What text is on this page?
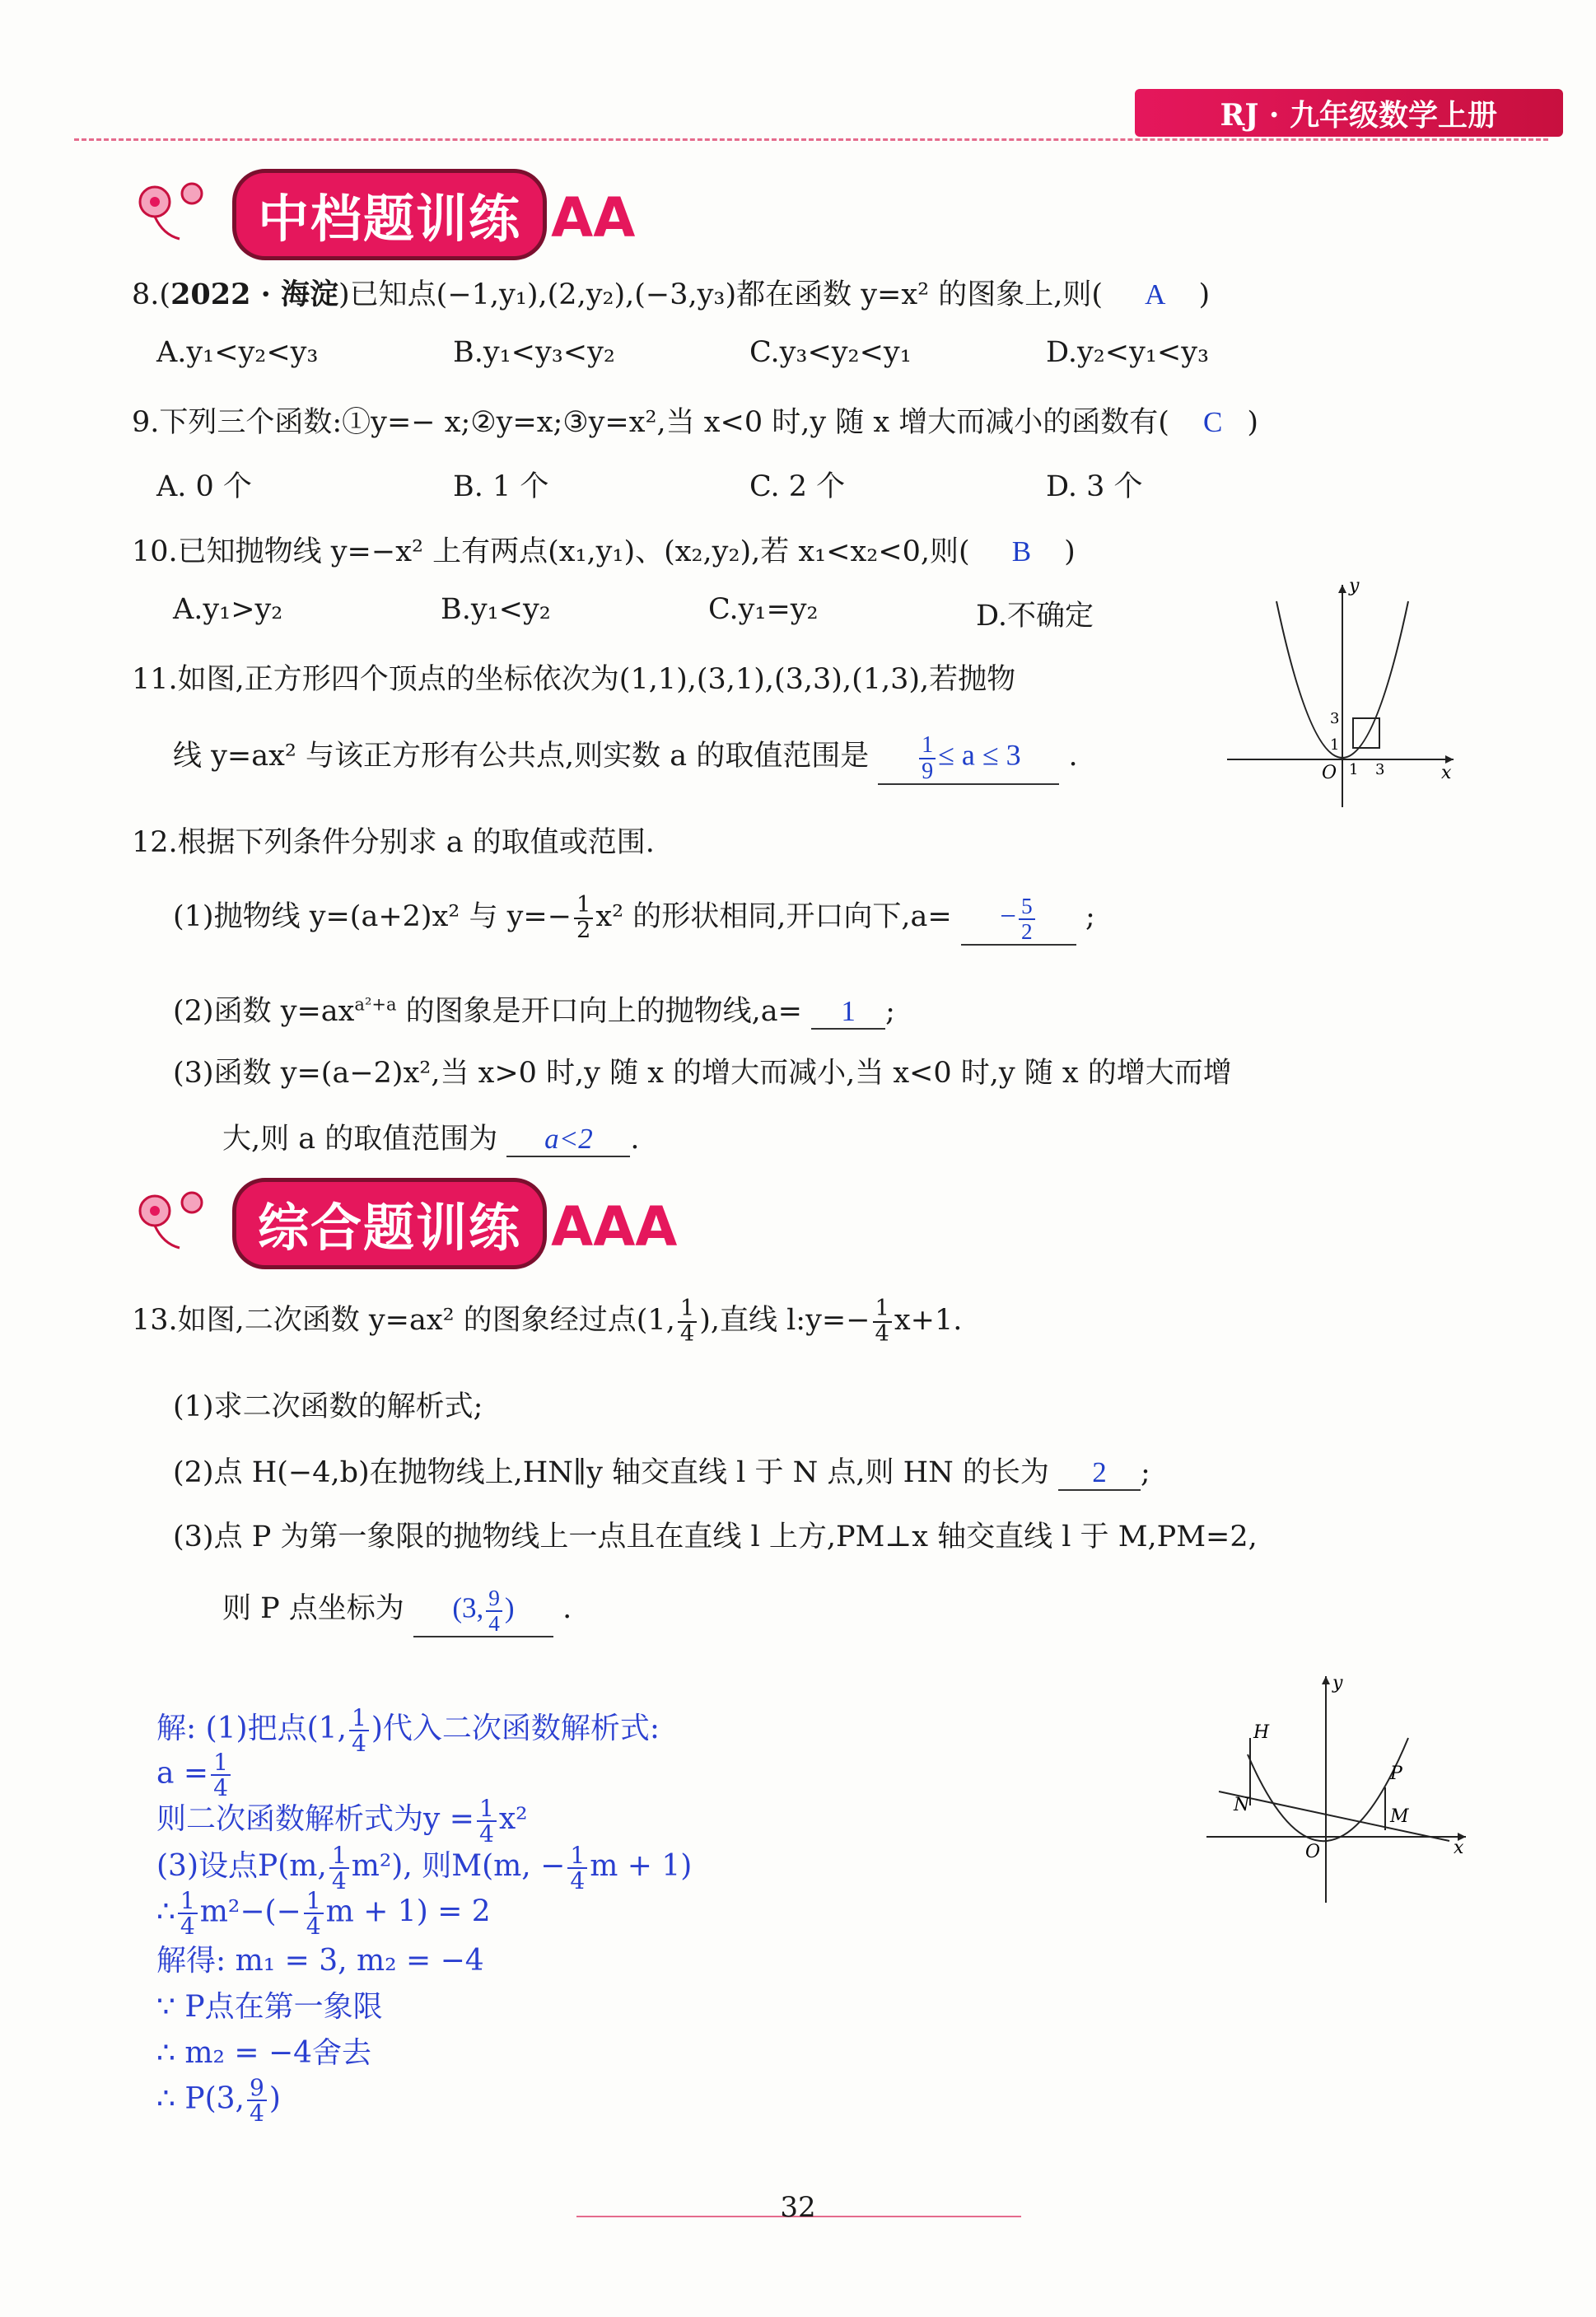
RJ · 九年级数学上册
中档题训练 AA
8.(2022 · 海淀)已知点(−1,y₁),(2,y₂),(−3,y₃)都在函数 y=x² 的图象上,则( A )
A.y₁<y₂<y₃	B.y₁<y₃<y₂	C.y₃<y₂<y₁	D.y₂<y₁<y₃
9.下列三个函数:①y=− x;②y=x;③y=x²,当 x<0 时,y 随 x 增大而减小的函数有( C )
A. 0 个	B. 1 个	C. 2 个	D. 3 个
10.已知抛物线 y=−x² 上有两点(x₁,y₁)、(x₂,y₂),若 x₁<x₂<0,则( B )
A.y₁>y₂	B.y₁<y₂	C.y₁=y₂	D.不确定
11.如图,正方形四个顶点的坐标依次为(1,1),(3,1),(3,3),(1,3),若抛物
线 y=ax² 与该正方形有公共点,则实数 a 的取值范围是 $\frac{1}{9} \le a \le 3$ .
y
x
O 1 3
1
3
12.根据下列条件分别求 a 的取值或范围.
(1)抛物线 y=(a+2)x² 与 $y=- \frac{1}{2} x^2$ 的形状相同,开口向下$,a= - \frac{5}{2}$ ;
(2)函数 $y=ax^{a^2+a}$ 的图象是开口向上的抛物线,a= 1 ;
(3)函数 y=(a−2)x²,当 x>0 时,y 随 x 的增大而减小,当 x<0 时,y 随 x 的增大而增
大,则 a 的取值范围为 a<2 .
综合题训练 AAA
13.如图,二次函数 y=ax² 的图象经过点(1, $\frac{1}{4}$ ),直线 l:y=− $\frac{1}{4} x+1$.
(1)求二次函数的解析式;
(2)点 H(−4,b)在抛物线上,HN∥y 轴交直线 l 于 N 点,则 HN 的长为 2 ;
(3)点 P 为第一象限的抛物线上一点且在直线 l 上方,PM⊥x 轴交直线 l 于 M,PM=2,
则 P 点坐标为 (3, $\frac{9}{4}$ ) .
解: (1)把点(1, $\frac{1}{4}$ )代入二次函数解析式:
$a = \frac{1}{4}$
则二次函数解析式为$y = \frac{1}{4} x^2$
(3)设点P(m, $\frac{1}{4} m^2$), 则M(m, − $\frac{1}{4}$ m + 1)
∴ $\frac{1}{4} m^2-(- \frac{1}{4}$ m + 1) = 2
解得: m₁ = 3, m₂ = −4
∵ P点在第一象限
∴ m₂ = −4舍去
∴ P(3, $\frac{9}{4}$ )
y
x
O
H
N
P
M
32
